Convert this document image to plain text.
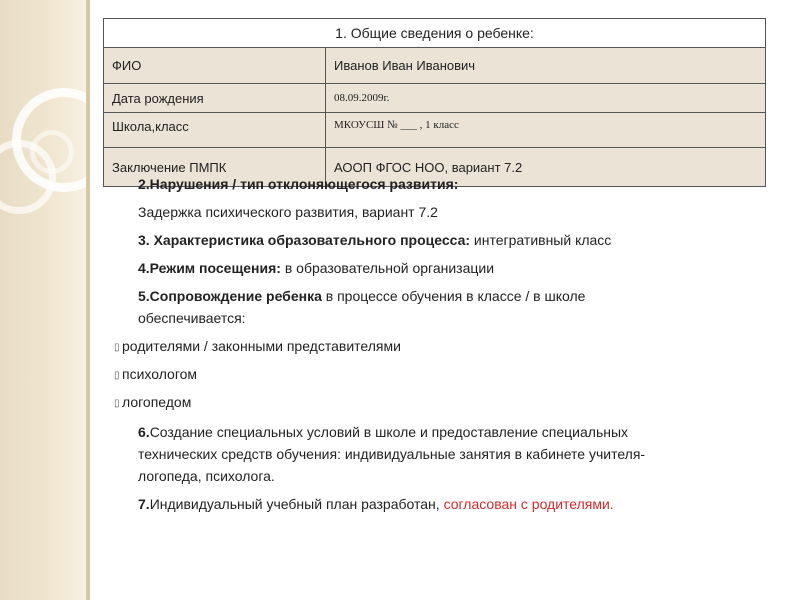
1. Общие сведения о ребенке:	
ФИО	Иванов Иван Иванович
Дата рождения	08.09.2009г.
Школа,класс	МКОУСШ № ___ , 1 класс
Заключение ПМПК	АООП ФГОС НОО, вариант 7.2
2.Нарушения / тип отклоняющегося развития:
Задержка психического развития, вариант 7.2
3. Характеристика образовательного процесса: интегративный класс
4.Режим посещения: в образовательной организации
5.Сопровождение ребенка в процессе обучения в классе / в школе
обеспечивается:
▯ родителями / законными представителями
▯ психологом
▯ логопедом
6.Создание специальных условий в школе и предоставление специальных
технических средств обучения: индивидуальные занятия в кабинете учителя-
логопеда, психолога.
7.Индивидуальный учебный план разработан, согласован с родителями.
